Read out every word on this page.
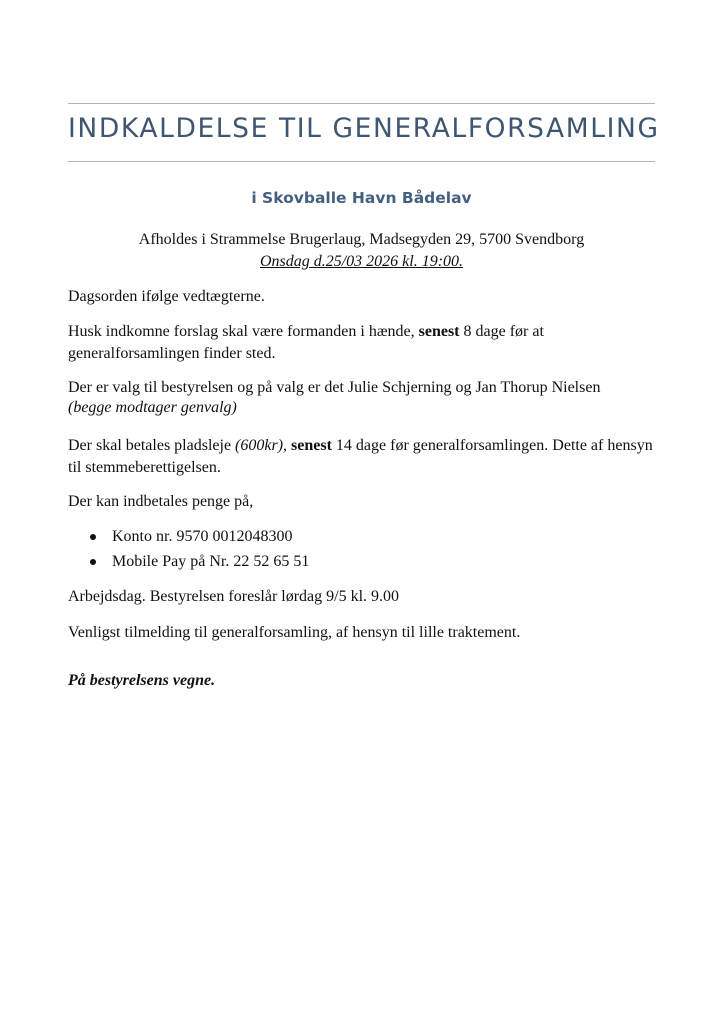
INDKALDELSE TIL GENERALFORSAMLING
i Skovballe Havn Bådelav

Afholdes i Strammelse Brugerlaug, Madsegyden 29, 5700 Svendborg

Onsdag d.25/03 2026 kl. 19:00.

Dagsorden ifølge vedtægterne.

Husk indkomne forslag skal være formanden i hænde, senest 8 dage før at generalforsamlingen finder sted.

Der er valg til bestyrelsen og på valg er det Julie Schjerning og Jan Thorup Nielsen
(begge modtager genvalg)

Der skal betales pladsleje (600kr), senest 14 dage før generalforsamlingen. Dette af hensyn til stemmeberettigelsen.

Der kan indbetales penge på,

Konto nr. 9570 0012048300
Mobile Pay på Nr. 22 52 65 51

Arbejdsdag. Bestyrelsen foreslår lørdag 9/5 kl. 9.00

Venligst tilmelding til generalforsamling, af hensyn til lille traktement.

På bestyrelsens vegne.
